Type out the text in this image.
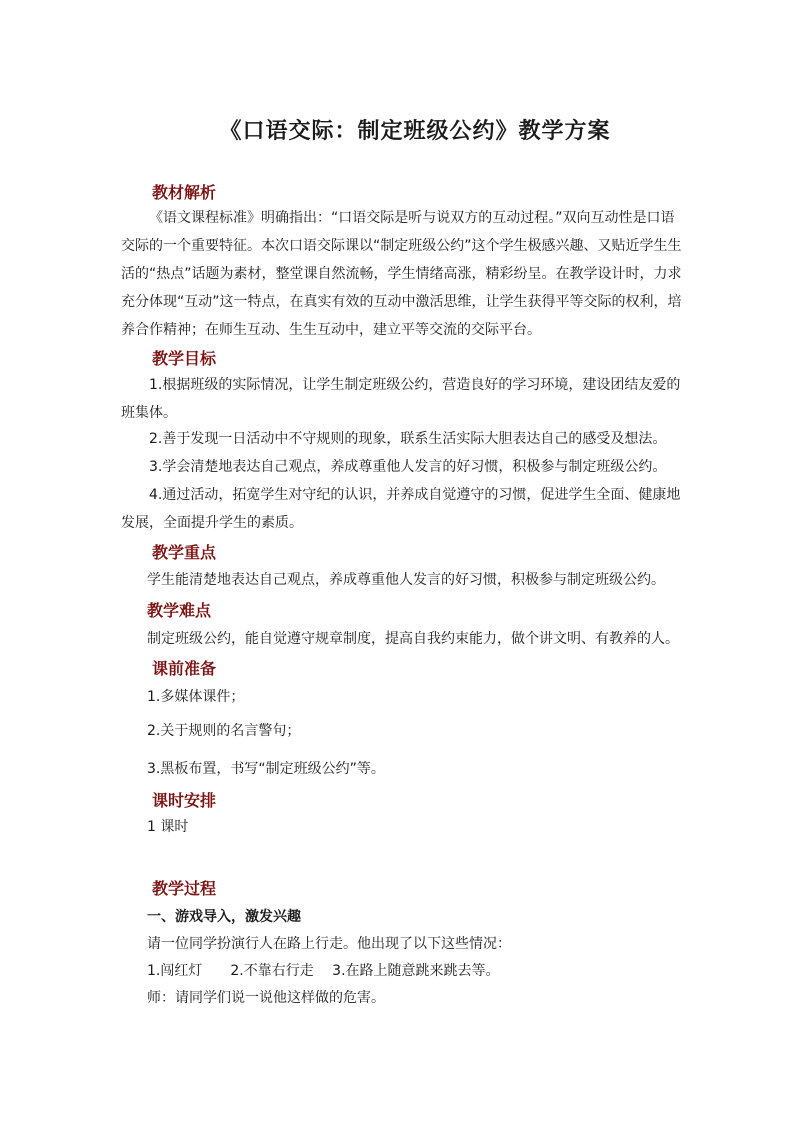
《口语交际：制定班级公约》教学方案
教材解析
《语文课程标准》明确指出：“口语交际是听与说双方的互动过程。”双向互动性是口语交际的一个重要特征。本次口语交际课以“制定班级公约”这个学生极感兴趣、又贴近学生生活的“热点”话题为素材，整堂课自然流畅，学生情绪高涨，精彩纷呈。在教学设计时，力求充分体现“互动”这一特点，在真实有效的互动中激活思维，让学生获得平等交际的权利，培养合作精神；在师生互动、生生互动中，建立平等交流的交际平台。
教学目标
1.根据班级的实际情况，让学生制定班级公约，营造良好的学习环境，建设团结友爱的班集体。
2.善于发现一日活动中不守规则的现象，联系生活实际大胆表达自己的感受及想法。
3.学会清楚地表达自己观点，养成尊重他人发言的好习惯，积极参与制定班级公约。
4.通过活动，拓宽学生对守纪的认识，并养成自觉遵守的习惯，促进学生全面、健康地发展，全面提升学生的素质。
教学重点
学生能清楚地表达自己观点，养成尊重他人发言的好习惯，积极参与制定班级公约。
教学难点
制定班级公约，能自觉遵守规章制度，提高自我约束能力，做个讲文明、有教养的人。
课前准备
1.多媒体课件；
2.关于规则的名言警句；
3.黑板布置，书写“制定班级公约”等。
课时安排
1 课时
教学过程
一、游戏导入，激发兴趣
请一位同学扮演行人在路上行走。他出现了以下这些情况：
1.闯红灯　　2.不靠右行走　 3.在路上随意跳来跳去等。
师：请同学们说一说他这样做的危害。
